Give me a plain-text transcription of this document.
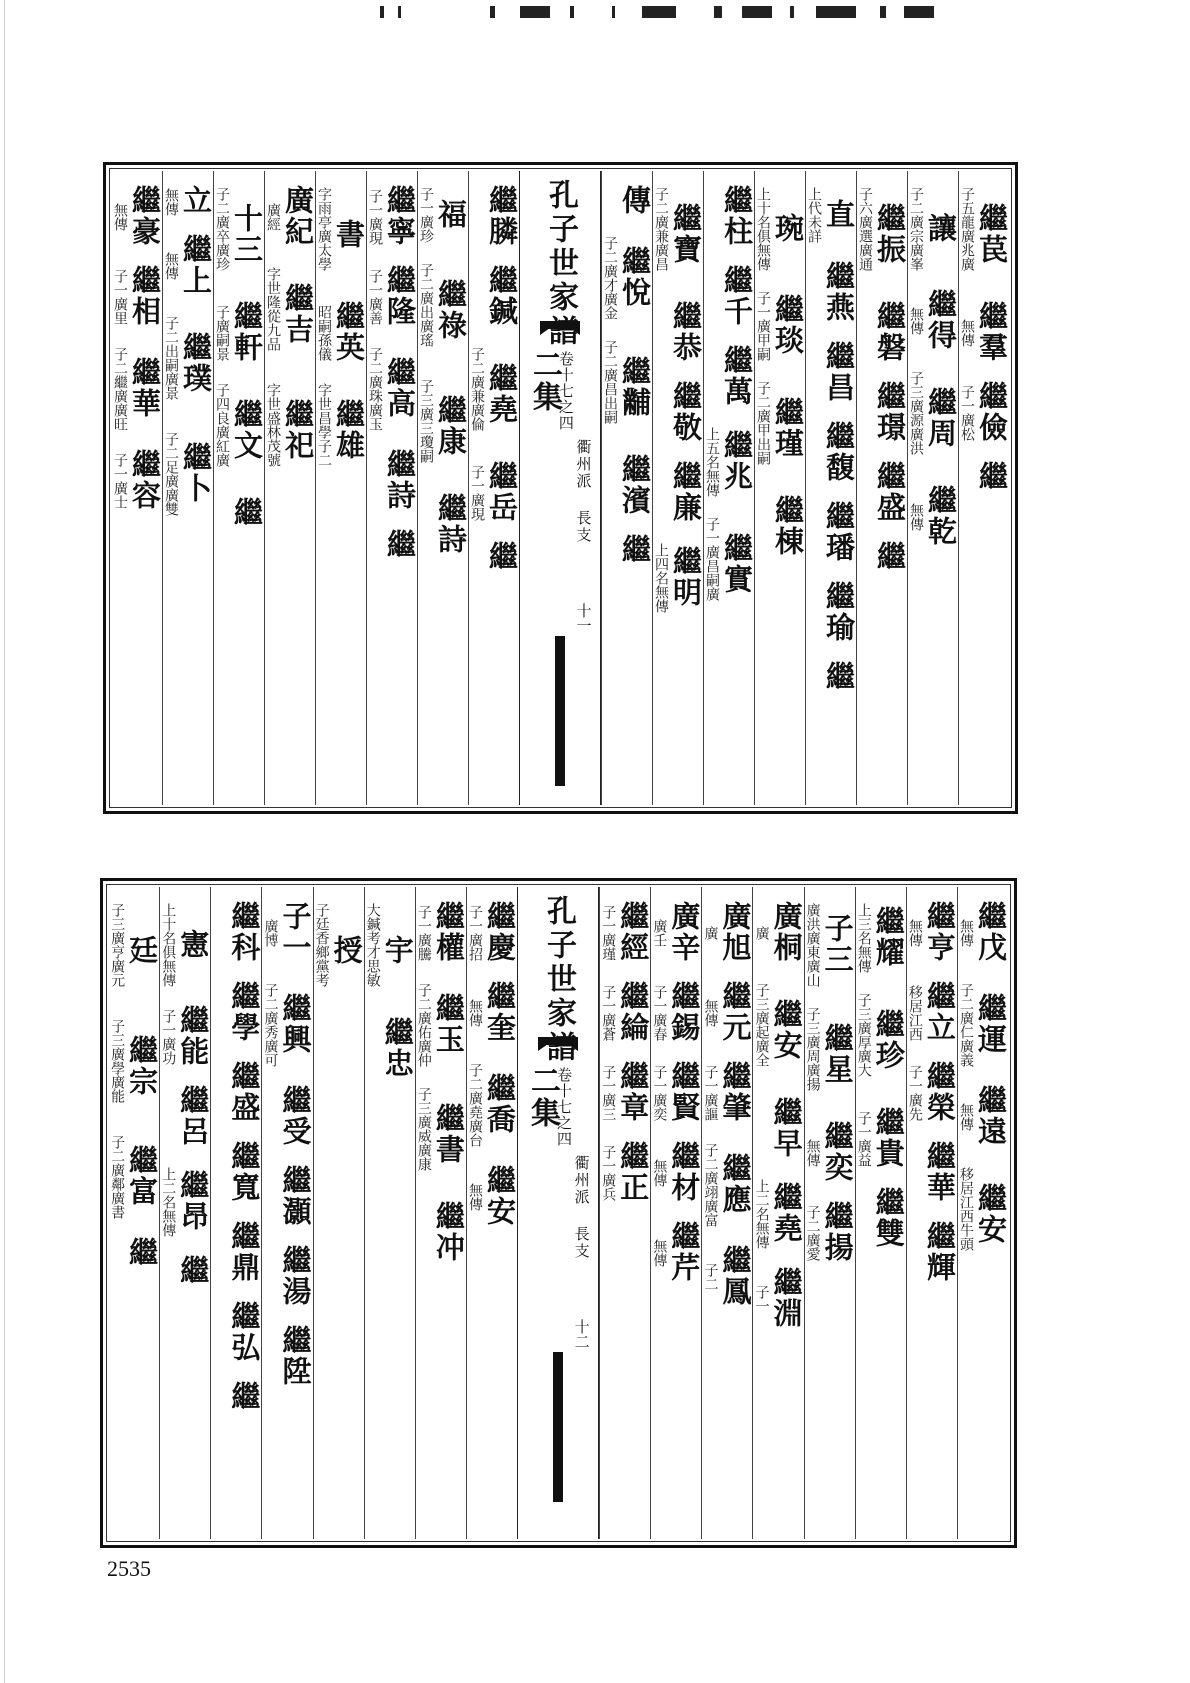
繼苠
子五龍廣兆廣
繼羣
無傳
繼儉
子一廣松
繼
讓
子二廣宗廣峯
繼得
無傳
繼周
子三廣源廣洪
繼乾
無傳
繼振
子六廣選廣通
繼磐
繼璟
繼盛
繼
直
上代未詳
繼燕
繼昌
繼馥
繼璠
繼瑜
繼
琬
上十名俱無傳
繼琰
子一廣甲嗣
繼瑾
子二廣甲出嗣
繼棟
繼柱
繼千
繼萬
繼兆
上五名無傳
繼實
子一廣昌嗣廣
繼寶
子二廣兼廣昌
繼恭
繼敬
繼廉
繼明
上四名無傳
傳
繼悅
子二廣才廣金
繼黼
子二廣昌出嗣
繼濱
繼
孔子世家譜
二集
卷十七之四
衢州派 長支
十一
繼膦
繼鍼
繼堯
子二廣兼廣倫
繼岳
子一廣現
繼
福
子一廣珍
繼祿
子二廣出廣瑤
繼康
子三廣三瓊嗣
繼詩
繼寧
子一廣現
繼隆
子一廣善
繼高
子二廣珠廣玉
繼詩
繼
書
字雨亭廣太學
繼英
昭嗣孫儀
繼雄
字世昌學子二
廣紀
廣經
繼吉
字世隆從九品
繼祀
字世盛林茂號
十三
子二廣卒廣珍
繼軒
子廣嗣景
繼文
子四良廣紅廣
繼
立
無傳
繼上
無傳
繼璞
子二出嗣廣景
繼卜
子二足廣廣雙
繼豪
無傳
繼相
子一廣里
繼華
子二繼廣廣旺
繼容
子一廣士
繼戊
無傳
繼運
子二廣仁廣義
繼遠
無傳
繼安
移居江西牛頭
繼亨
無傳
繼立
移居江西
繼榮
子一廣先
繼華
繼輝
繼耀
上三名無傳
繼珍
子三廣厚廣大
繼貴
子一廣益
繼雙
子三
廣洪廣東廣山
繼星
子三廣周廣揚
繼奕
無傳
繼揚
子二廣愛
廣桐
廣
繼安
子三廣起廣全
繼早
繼堯
上二名無傳
繼淵
子一
廣旭
廣
繼元
無傳
繼肇
子一廣謳
繼應
子二廣翊廣富
繼鳳
子二
廣辛
廣壬
繼錫
子一廣春
繼賢
子一廣奕
繼材
無傳
繼芹
無傳
繼經
子一廣瑾
繼綸
子一廣蒼
繼章
子一廣三
繼正
子一廣兵
孔子世家譜
二集
卷十七之四
衢州派 長支
十二
繼慶
子一廣招
繼奎
無傳
繼喬
子二廣堯廣台
繼安
無傳
繼權
子一廣騰
繼玉
子二廣佑廣仲
繼書
子三廣威廣康
繼冲
宇
大鍼考才思敏
繼忠
授
子廷香鄉黨考
子一
廣博
繼興
子二廣秀廣可
繼受
繼灝
繼湯
繼陞
繼科
繼學
繼盛
繼寬
繼鼎
繼弘
繼
憲
上十名俱無傳
繼能
子一廣功
繼呂
繼昂
上二名無傳
繼
廷
子三廣亨廣元
繼宗
子三廣學廣能
繼富
子二廣鄰廣書
繼
2535
